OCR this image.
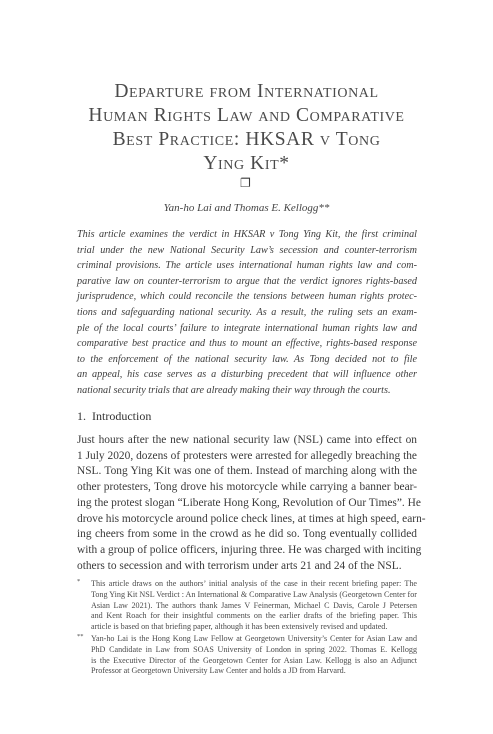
Departure from International
Human Rights Law and Comparative
Best Practice: HKSAR v Tong
Ying Kit*
❐
Yan-ho Lai and Thomas E. Kellogg**
This article examines the verdict in HKSAR v Tong Ying Kit, the first criminal
trial under the new National Security Law’s secession and counter-terrorism
criminal provisions. The article uses international human rights law and com-
parative law on counter-terrorism to argue that the verdict ignores rights-based
jurisprudence, which could reconcile the tensions between human rights protec-
tions and safeguarding national security. As a result, the ruling sets an exam-
ple of the local courts’ failure to integrate international human rights law and
comparative best practice and thus to mount an effective, rights-based response
to the enforcement of the national security law. As Tong decided not to file
an appeal, his case serves as a disturbing precedent that will influence other
national security trials that are already making their way through the courts.
1. Introduction
Just hours after the new national security law (NSL) came into effect on
1 July 2020, dozens of protesters were arrested for allegedly breaching the
NSL. Tong Ying Kit was one of them. Instead of marching along with the
other protesters, Tong drove his motorcycle while carrying a banner bear-
ing the protest slogan “Liberate Hong Kong, Revolution of Our Times”. He
drove his motorcycle around police check lines, at times at high speed, earn-
ing cheers from some in the crowd as he did so. Tong eventually collided
with a group of police officers, injuring three. He was charged with inciting
others to secession and with terrorism under arts 21 and 24 of the NSL.
* This article draws on the authors’ initial analysis of the case in their recent briefing paper: The
Tong Ying Kit NSL Verdict : An International & Comparative Law Analysis (Georgetown Center for
Asian Law 2021). The authors thank James V Feinerman, Michael C Davis, Carole J Petersen
and Kent Roach for their insightful comments on the earlier drafts of the briefing paper. This
article is based on that briefing paper, although it has been extensively revised and updated.
** Yan-ho Lai is the Hong Kong Law Fellow at Georgetown University’s Center for Asian Law and
PhD Candidate in Law from SOAS University of London in spring 2022. Thomas E. Kellogg
is the Executive Director of the Georgetown Center for Asian Law. Kellogg is also an Adjunct
Professor at Georgetown University Law Center and holds a JD from Harvard.
